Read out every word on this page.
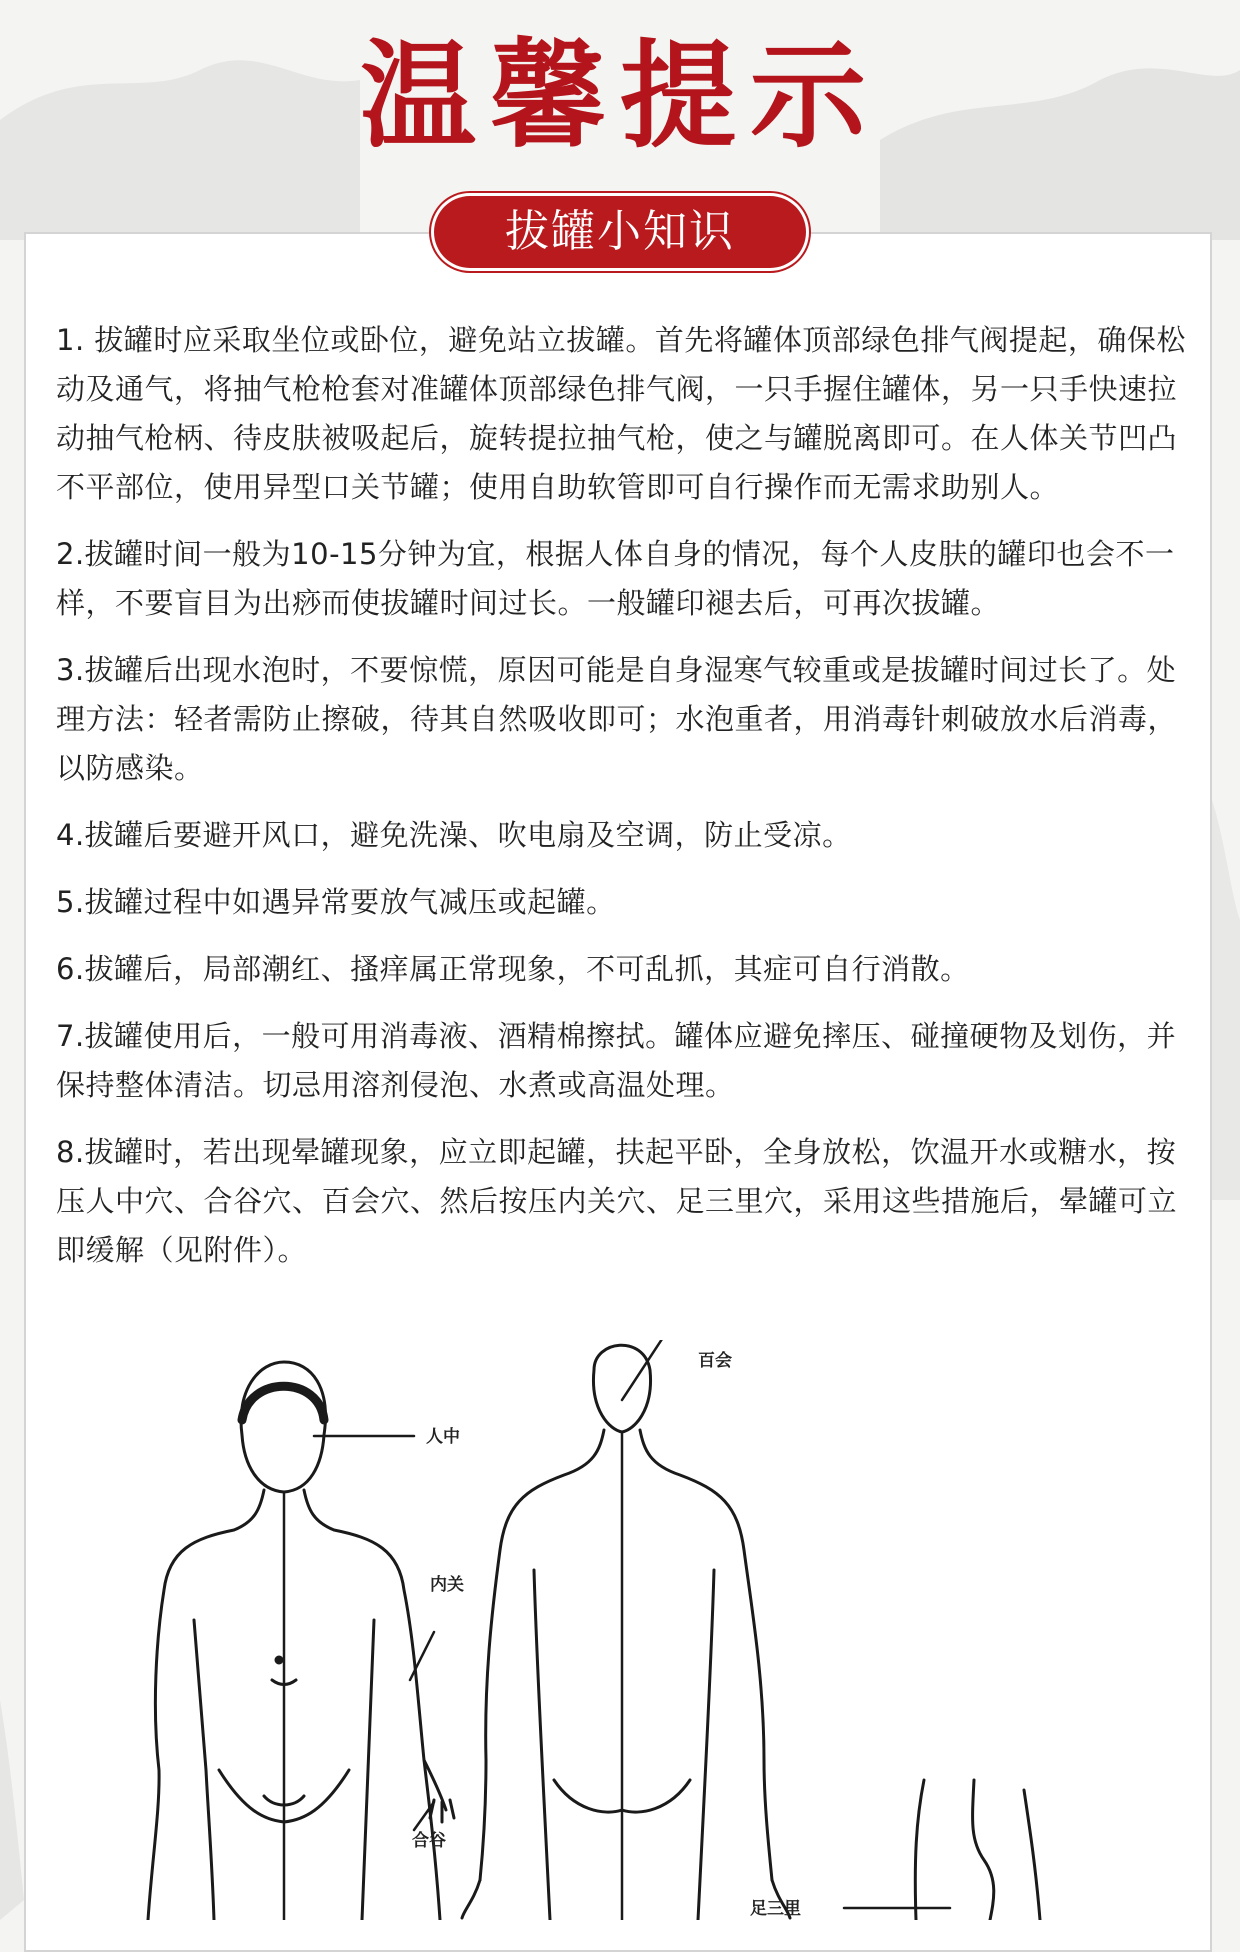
温馨提示
拔罐小知识

1. 拔罐时应采取坐位或卧位，避免站立拔罐。首先将罐体顶部绿色排气阀提起，确保松动及通气，将抽气枪枪套对准罐体顶部绿色排气阀，一只手握住罐体，另一只手快速拉动抽气枪柄、待皮肤被吸起后，旋转提拉抽气枪，使之与罐脱离即可。在人体关节凹凸不平部位，使用异型口关节罐；使用自助软管即可自行操作而无需求助别人。

2.拔罐时间一般为10-15分钟为宜，根据人体自身的情况，每个人皮肤的罐印也会不一样，不要盲目为出痧而使拔罐时间过长。一般罐印褪去后，可再次拔罐。

3.拔罐后出现水泡时，不要惊慌，原因可能是自身湿寒气较重或是拔罐时间过长了。处理方法：轻者需防止擦破，待其自然吸收即可；水泡重者，用消毒针刺破放水后消毒，以防感染。

4.拔罐后要避开风口，避免洗澡、吹电扇及空调，防止受凉。

5.拔罐过程中如遇异常要放气减压或起罐。

6.拔罐后，局部潮红、搔痒属正常现象，不可乱抓，其症可自行消散。

7.拔罐使用后，一般可用消毒液、酒精棉擦拭。罐体应避免摔压、碰撞硬物及划伤，并保持整体清洁。切忌用溶剂侵泡、水煮或高温处理。

8.拔罐时，若出现晕罐现象，应立即起罐，扶起平卧，全身放松，饮温开水或糖水，按压人中穴、合谷穴、百会穴、然后按压内关穴、足三里穴，采用这些措施后，晕罐可立即缓解（见附件）。

百会
人中
内关
合谷
足三里
